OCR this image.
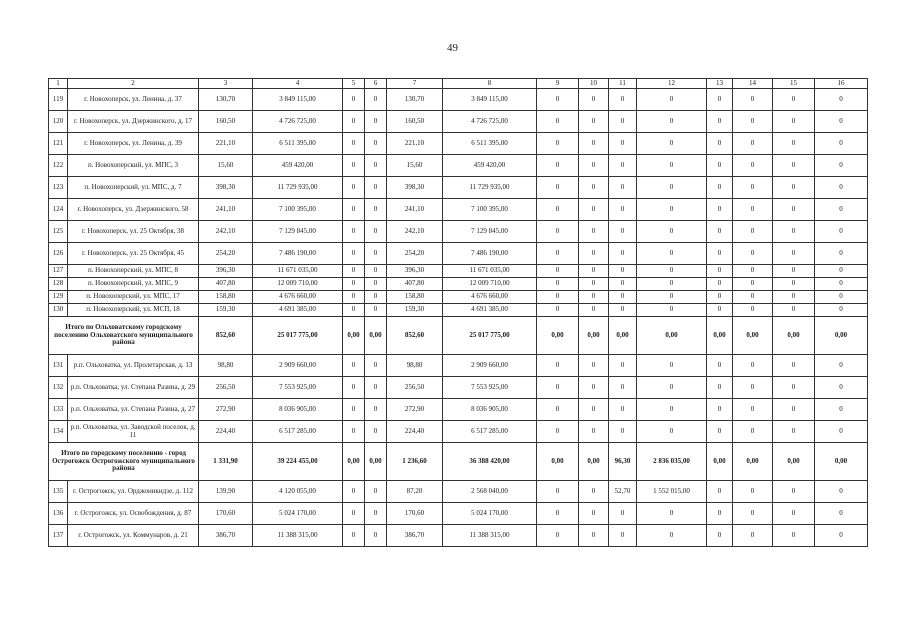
49
1	2	3	4	5	6	7	8	9	10	11	12	13	14	15	16
119	г. Новохоперск, ул. Ленина, д. 37	130,70	3 849 115,00	0	0	130,70	3 849 115,00	0	0	0	0	0	0	0	0
120	г. Новохоперск, ул. Дзержинского, д. 17	160,50	4 726 725,00	0	0	160,50	4 726 725,00	0	0	0	0	0	0	0	0
121	г. Новохоперск, ул. Ленина, д. 39	221,10	6 511 395,00	0	0	221,10	6 511 395,00	0	0	0	0	0	0	0	0
122	п. Новохоперский, ул. МПС, 3	15,60	459 420,00	0	0	15,60	459 420,00	0	0	0	0	0	0	0	0
123	п. Новохоперский, ул. МПС, д. 7	398,30	11 729 935,00	0	0	398,30	11 729 935,00	0	0	0	0	0	0	0	0
124	г. Новохоперск, ул. Дзержинского, 58	241,10	7 100 395,00	0	0	241,10	7 100 395,00	0	0	0	0	0	0	0	0
125	г. Новохоперск, ул. 25 Октября, 38	242,10	7 129 845,00	0	0	242,10	7 129 845,00	0	0	0	0	0	0	0	0
126	г. Новохоперск, ул. 25 Октября, 45	254,20	7 486 190,00	0	0	254,20	7 486 190,00	0	0	0	0	0	0	0	0
127	п. Новохоперский, ул. МПС, 8	396,30	11 671 035,00	0	0	396,30	11 671 035,00	0	0	0	0	0	0	0	0
128	п. Новохоперский, ул. МПС, 9	407,80	12 009 710,00	0	0	407,80	12 009 710,00	0	0	0	0	0	0	0	0
129	п. Новохоперский, ул. МПС, 17	158,80	4 676 660,00	0	0	158,80	4 676 660,00	0	0	0	0	0	0	0	0
130	п. Новохоперский, ул. МСП, 18	159,30	4 691 385,00	0	0	159,30	4 691 385,00	0	0	0	0	0	0	0	0
Итого по Ольховатскому городскому поселению Ольховатского муниципального района		852,60	25 017 775,00	0,00	0,00	852,60	25 017 775,00	0,00	0,00	0,00	0,00	0,00	0,00	0,00	0,00
131	р.п. Ольховатка, ул. Пролетарская, д. 13	98,80	2 909 660,00	0	0	98,80	2 909 660,00	0	0	0	0	0	0	0	0
132	р.п. Ольховатка, ул. Степана Разина, д. 29	256,50	7 553 925,00	0	0	256,50	7 553 925,00	0	0	0	0	0	0	0	0
133	р.п. Ольховатка, ул. Степана Разина, д. 27	272,90	8 036 905,00	0	0	272,90	8 036 905,00	0	0	0	0	0	0	0	0
134	р.п. Ольховатка, ул. Заводской поселок, д. 11	224,40	6 517 285,00	0	0	224,40	6 517 285,00	0	0	0	0	0	0	0	0
Итого по городскому поселению - город Острогожск Острогожского муниципального района		1 331,90	39 224 455,00	0,00	0,00	1 236,60	36 388 420,00	0,00	0,00	96,30	2 836 035,00	0,00	0,00	0,00	0,00
135	г. Острогожск, ул. Орджоникидзе, д. 112	139,90	4 120 055,00	0	0	87,20	2 568 040,00	0	0	52,70	1 552 015,00	0	0	0	0
136	г. Острогожск, ул. Освобождения, д. 87	170,60	5 024 170,00	0	0	170,60	5 024 170,00	0	0	0	0	0	0	0	0
137	г. Острогожск, ул. Коммунаров, д. 21	386,70	11 388 315,00	0	0	386,70	11 388 315,00	0	0	0	0	0	0	0	0
